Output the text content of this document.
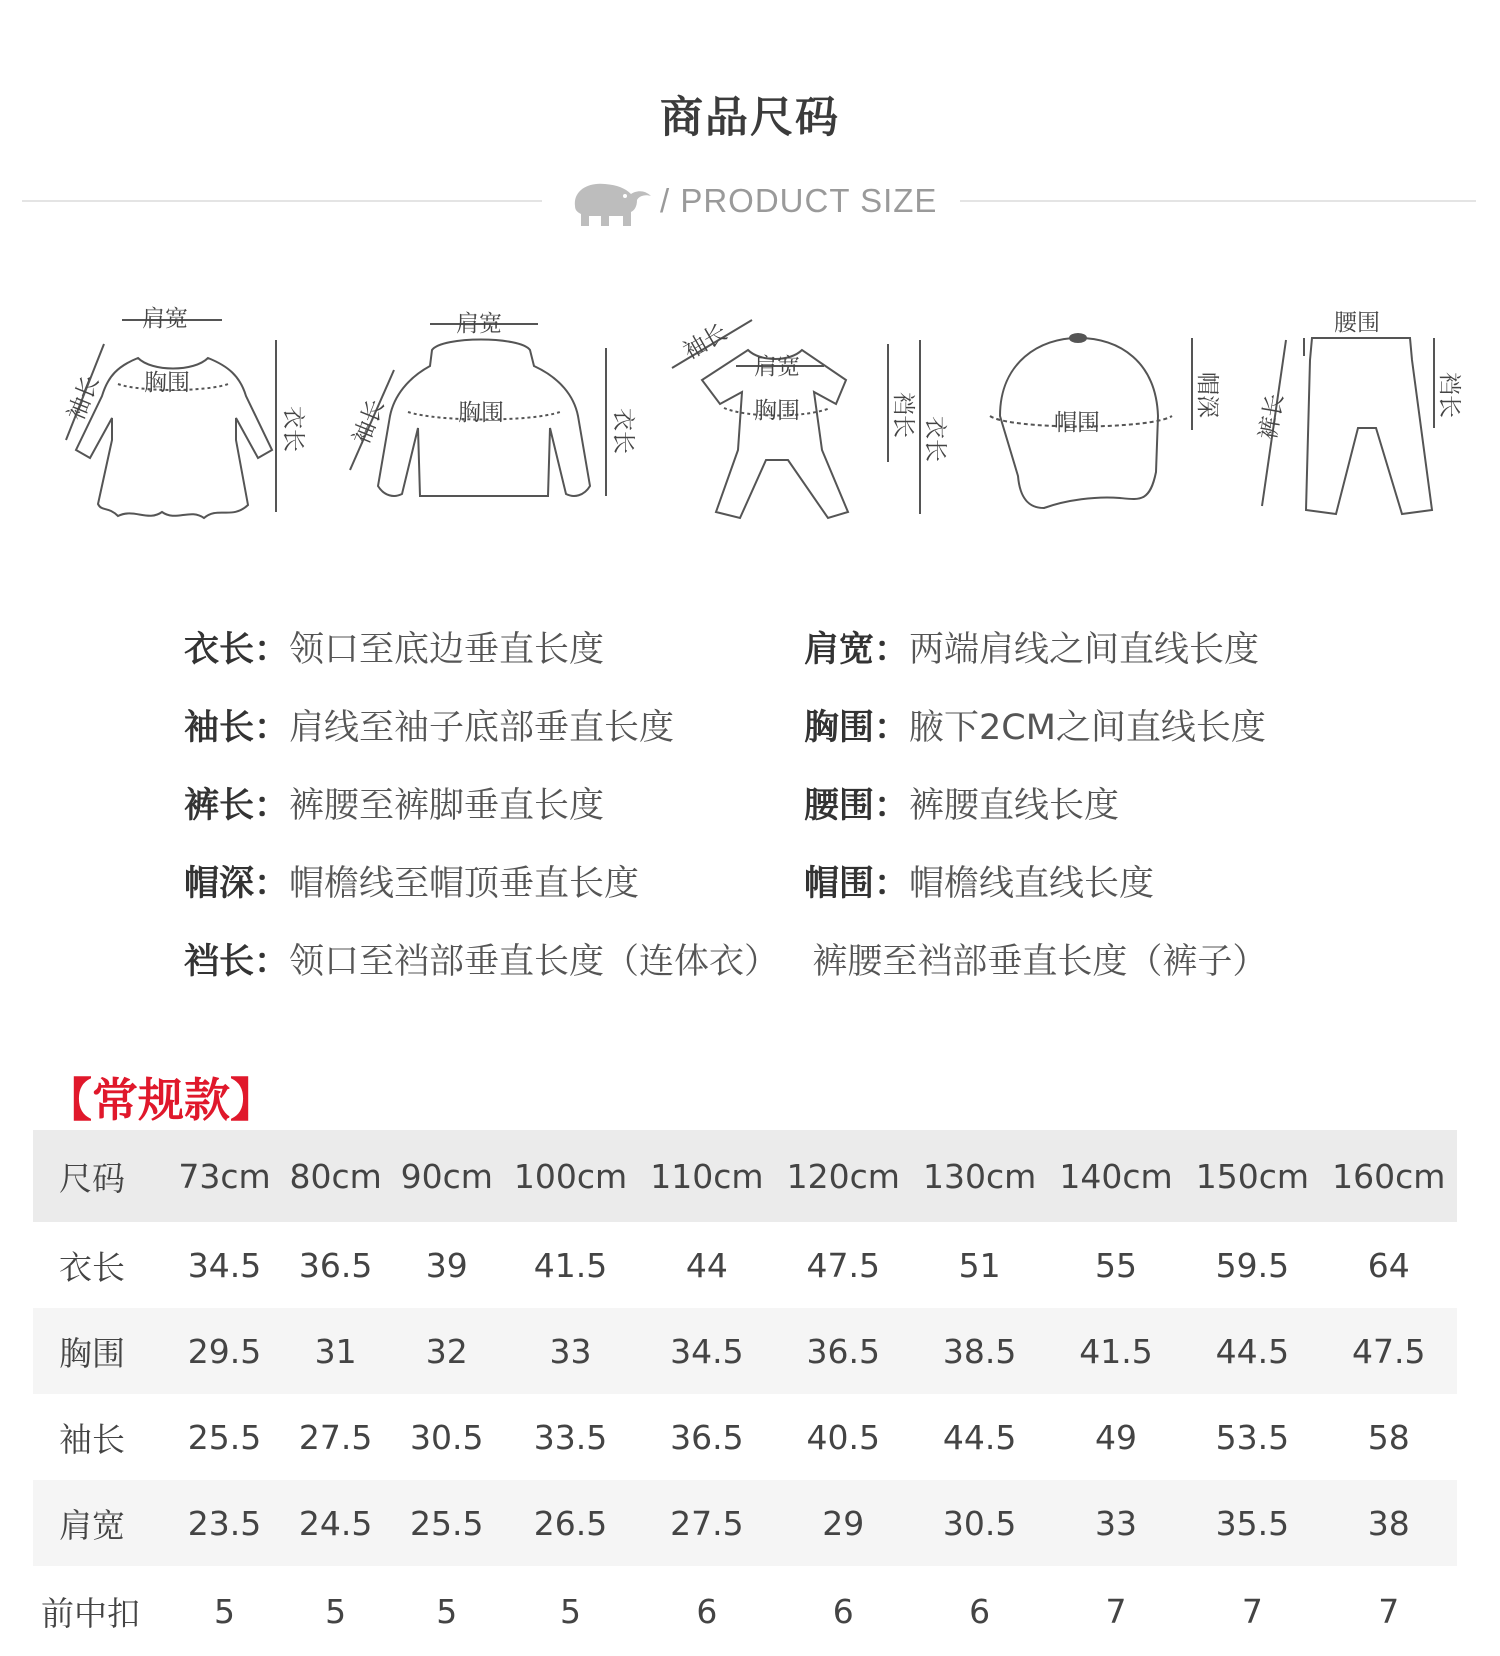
商品尺码
/ PRODUCT SIZE
肩宽
胸围
衣长
袖长
肩宽
胸围	衣长
袖长
袖长
肩宽
胸围	裆长
衣长	帽围
帽深
腰围
裤长	裆长
衣长：领口至底边垂直长度	肩宽：两端肩线之间直线长度
袖长：肩线至袖子底部垂直长度	胸围：腋下2CM之间直线长度
裤长：裤腰至裤脚垂直长度	腰围：裤腰直线长度
帽深：帽檐线至帽顶垂直长度	帽围：帽檐线直线长度
裆长：领口至裆部垂直长度（连体衣）   裤腰至裆部垂直长度（裤子）
【常规款】
尺码	73cm	80cm	90cm	100cm	110cm	120cm	130cm	140cm	150cm	160cm
衣长	34.5	36.5	39	41.5	44	47.5	51	55	59.5	64
胸围	29.5	31	32	33	34.5	36.5	38.5	41.5	44.5	47.5
袖长	25.5	27.5	30.5	33.5	36.5	40.5	44.5	49	53.5	58
肩宽	23.5	24.5	25.5	26.5	27.5	29	30.5	33	35.5	38
前中扣	5	5	5	5	6	6	6	7	7	7
